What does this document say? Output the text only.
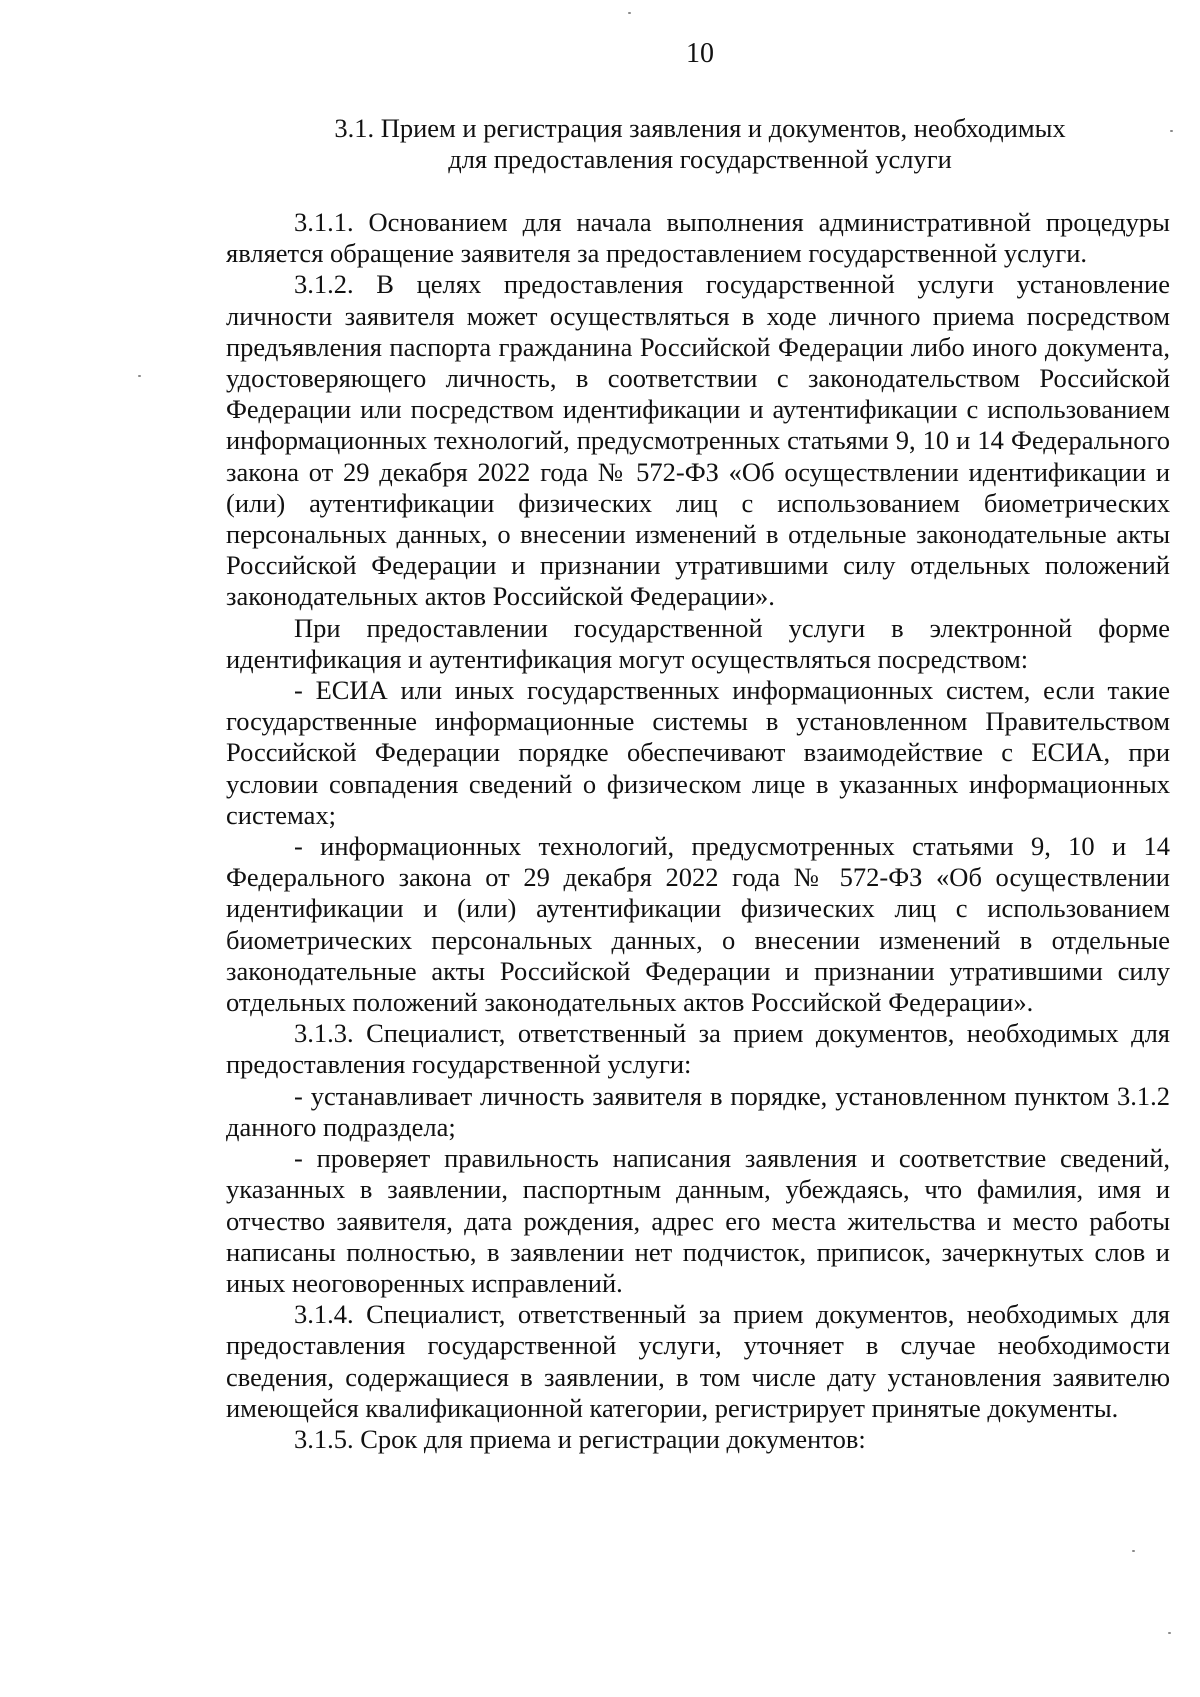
10
3.1. Прием и регистрация заявления и документов, необходимых
для предоставления государственной услуги

3.1.1. Основанием для начала выполнения административной процедуры является обращение заявителя за предоставлением государственной услуги.

3.1.2. В целях предоставления государственной услуги установление личности заявителя может осуществляться в ходе личного приема посредством предъявления паспорта гражданина Российской Федерации либо иного документа, удостоверяющего личность, в соответствии с законодательством Российской Федерации или посредством идентификации и аутентификации с использованием информационных технологий, предусмотренных статьями 9, 10 и 14 Федерального закона от 29 декабря 2022 года № 572-ФЗ «Об осуществлении идентификации и (или) аутентификации физических лиц с использованием биометрических персональных данных, о внесении изменений в отдельные законодательные акты Российской Федерации и признании утратившими силу отдельных положений законодательных актов Российской Федерации».

При предоставлении государственной услуги в электронной форме идентификация и аутентификация могут осуществляться посредством:

- ЕСИА или иных государственных информационных систем, если такие государственные информационные системы в установленном Правительством Российской Федерации порядке обеспечивают взаимодействие с ЕСИА, при условии совпадения сведений о физическом лице в указанных информационных системах;

- информационных технологий, предусмотренных статьями 9, 10 и 14 Федерального закона от 29 декабря 2022 года № 572-ФЗ «Об осуществлении идентификации и (или) аутентификации физических лиц с использованием биометрических персональных данных, о внесении изменений в отдельные законодательные акты Российской Федерации и признании утратившими силу отдельных положений законодательных актов Российской Федерации».

3.1.3. Специалист, ответственный за прием документов, необходимых для предоставления государственной услуги:

- устанавливает личность заявителя в порядке, установленном пунктом 3.1.2 данного подраздела;

- проверяет правильность написания заявления и соответствие сведений, указанных в заявлении, паспортным данным, убеждаясь, что фамилия, имя и отчество заявителя, дата рождения, адрес его места жительства и место работы написаны полностью, в заявлении нет подчисток, приписок, зачеркнутых слов и иных неоговоренных исправлений.

3.1.4. Специалист, ответственный за прием документов, необходимых для предоставления государственной услуги, уточняет в случае необходимости сведения, содержащиеся в заявлении, в том числе дату установления заявителю имеющейся квалификационной категории, регистрирует принятые документы.

3.1.5. Срок для приема и регистрации документов:
